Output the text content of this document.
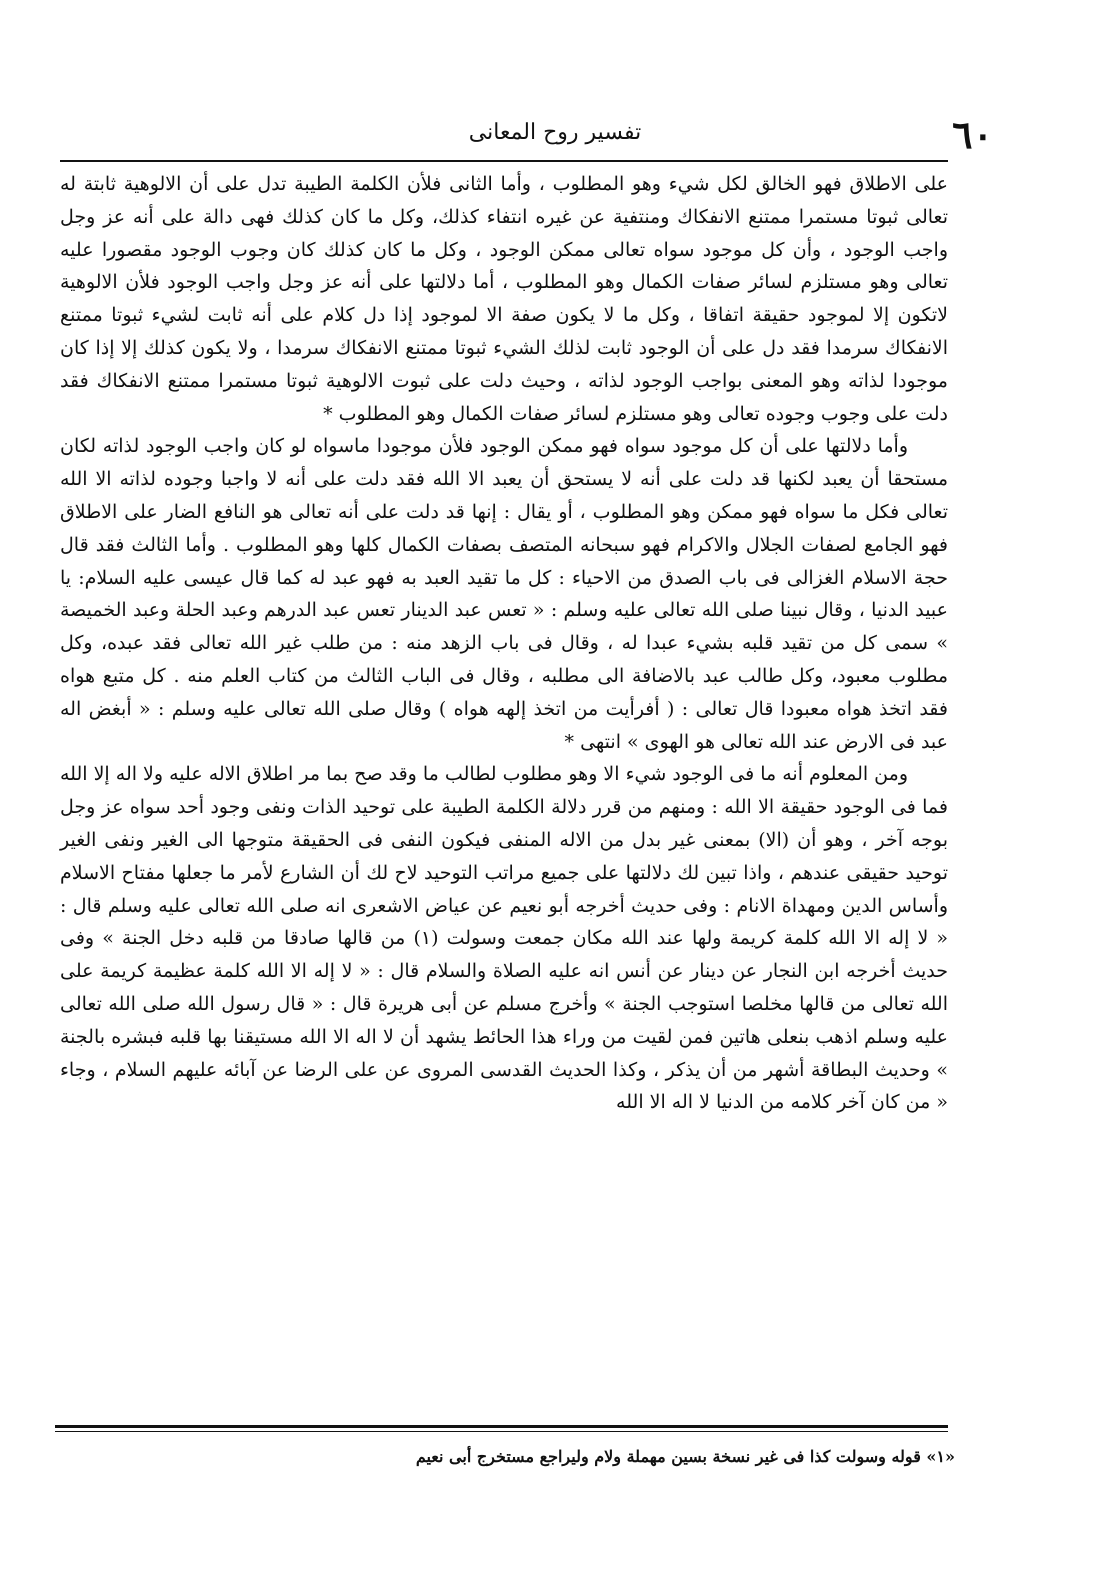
٦٠
تفسير روح المعانى

على الاطلاق فهو الخالق لكل شيء وهو المطلوب ، وأما الثانى فلأن الكلمة الطيبة تدل على أن الالوهية ثابتة له تعالى ثبوتا مستمرا ممتنع الانفكاك ومنتفية عن غيره انتفاء كذلك، وكل ما كان كذلك فهى دالة على أنه عز وجل واجب الوجود ، وأن كل موجود سواه تعالى ممكن الوجود ، وكل ما كان كذلك كان وجوب الوجود مقصورا عليه تعالى وهو مستلزم لسائر صفات الكمال وهو المطلوب ، أما دلالتها على أنه عز وجل واجب الوجود فلأن الالوهية لاتكون إلا لموجود حقيقة اتفاقا ، وكل ما لا يكون صفة الا لموجود إذا دل كلام على أنه ثابت لشيء ثبوتا ممتنع الانفكاك سرمدا فقد دل على أن الوجود ثابت لذلك الشيء ثبوتا ممتنع الانفكاك سرمدا ، ولا يكون كذلك إلا إذا كان موجودا لذاته وهو المعنى بواجب الوجود لذاته ، وحيث دلت على ثبوت الالوهية ثبوتا مستمرا ممتنع الانفكاك فقد دلت على وجوب وجوده تعالى وهو مستلزم لسائر صفات الكمال وهو المطلوب *

وأما دلالتها على أن كل موجود سواه فهو ممكن الوجود فلأن موجودا ماسواه لو كان واجب الوجود لذاته لكان مستحقا أن يعبد لكنها قد دلت على أنه لا يستحق أن يعبد الا الله فقد دلت على أنه لا واجبا وجوده لذاته الا الله تعالى فكل ما سواه فهو ممكن وهو المطلوب ، أو يقال : إنها قد دلت على أنه تعالى هو النافع الضار على الاطلاق فهو الجامع لصفات الجلال والاكرام فهو سبحانه المتصف بصفات الكمال كلها وهو المطلوب . وأما الثالث فقد قال حجة الاسلام الغزالى فى باب الصدق من الاحياء : كل ما تقيد العبد به فهو عبد له كما قال عيسى عليه السلام: يا عبيد الدنيا ، وقال نبينا صلى الله تعالى عليه وسلم : « تعس عبد الدينار تعس عبد الدرهم وعبد الحلة وعبد الخميصة » سمى كل من تقيد قلبه بشيء عبدا له ، وقال فى باب الزهد منه : من طلب غير الله تعالى فقد عبده، وكل مطلوب معبود، وكل طالب عبد بالاضافة الى مطلبه ، وقال فى الباب الثالث من كتاب العلم منه . كل متبع هواه فقد اتخذ هواه معبودا قال تعالى : ( أفرأيت من اتخذ إلهه هواه ) وقال صلى الله تعالى عليه وسلم : « أبغض اله عبد فى الارض عند الله تعالى هو الهوى » انتهى *

ومن المعلوم أنه ما فى الوجود شيء الا وهو مطلوب لطالب ما وقد صح بما مر اطلاق الاله عليه ولا اله إلا الله فما فى الوجود حقيقة الا الله : ومنهم من قرر دلالة الكلمة الطيبة على توحيد الذات ونفى وجود أحد سواه عز وجل بوجه آخر ، وهو أن (الا) بمعنى غير بدل من الاله المنفى فيكون النفى فى الحقيقة متوجها الى الغير ونفى الغير توحيد حقيقى عندهم ، واذا تبين لك دلالتها على جميع مراتب التوحيد لاح لك أن الشارع لأمر ما جعلها مفتاح الاسلام وأساس الدين ومهداة الانام : وفى حديث أخرجه أبو نعيم عن عياض الاشعرى انه صلى الله تعالى عليه وسلم قال : « لا إله الا الله كلمة كريمة ولها عند الله مكان جمعت وسولت (١) من قالها صادقا من قلبه دخل الجنة » وفى حديث أخرجه ابن النجار عن دينار عن أنس انه عليه الصلاة والسلام قال : « لا إله الا الله كلمة عظيمة كريمة على الله تعالى من قالها مخلصا استوجب الجنة » وأخرج مسلم عن أبى هريرة قال : « قال رسول الله صلى الله تعالى عليه وسلم اذهب بنعلى هاتين فمن لقيت من وراء هذا الحائط يشهد أن لا اله الا الله مستيقنا بها قلبه فبشره بالجنة » وحديث البطاقة أشهر من أن يذكر ، وكذا الحديث القدسى المروى عن على الرضا عن آبائه عليهم السلام ، وجاء « من كان آخر كلامه من الدنيا لا اله الا الله

«١» قوله وسولت كذا فى غير نسخة بسين مهملة ولام وليراجع مستخرج أبى نعيم
